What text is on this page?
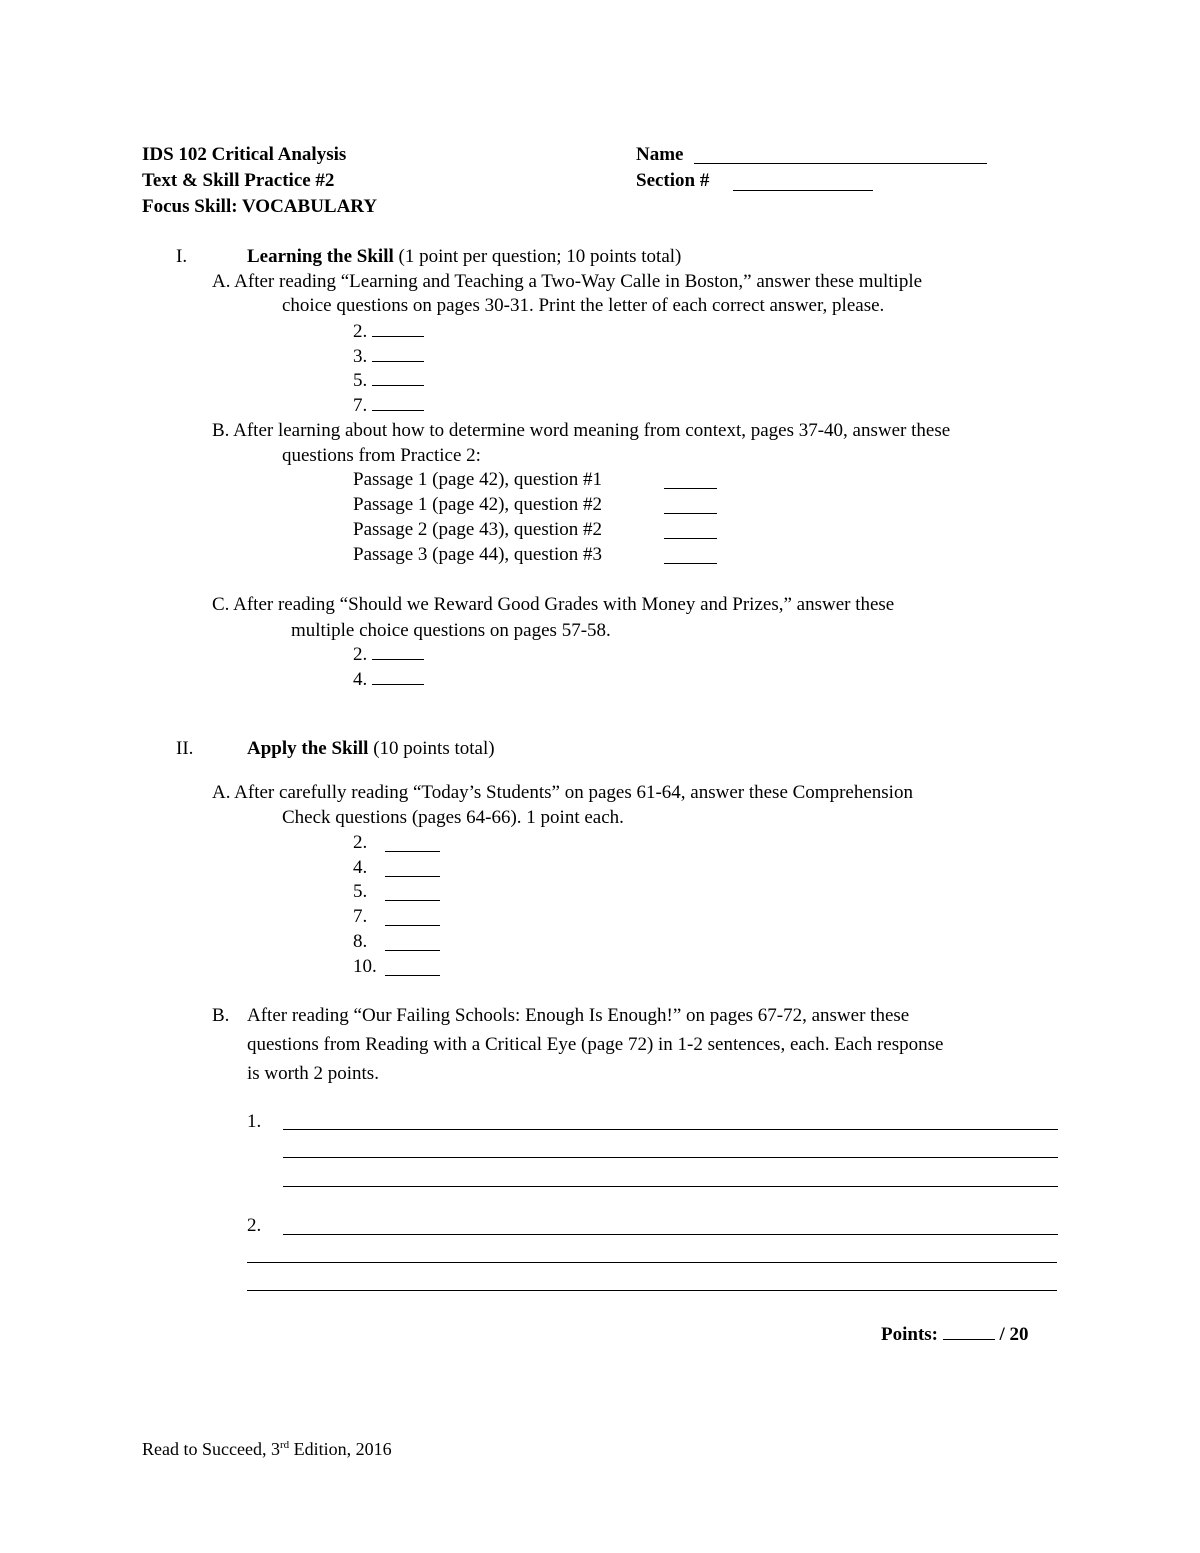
IDS 102 Critical Analysis
Text & Skill Practice #2
Focus Skill: VOCABULARY
Name
Section #
I.	Learning the Skill (1 point per question; 10 points total)
A. After reading “Learning and Teaching a Two-Way Calle in Boston,” answer these multiple
choice questions on pages 30-31. Print the letter of each correct answer, please.
2.
3.
5.
7.
B. After learning about how to determine word meaning from context, pages 37-40, answer these
questions from Practice 2:
Passage 1 (page 42), question #1
Passage 1 (page 42), question #2
Passage 2 (page 43), question #2
Passage 3 (page 44), question #3
C. After reading “Should we Reward Good Grades with Money and Prizes,” answer these
multiple choice questions on pages 57-58.
2.
4.
II.	Apply the Skill (10 points total)
A. After carefully reading “Today’s Students” on pages 61-64, answer these Comprehension
Check questions (pages 64-66). 1 point each.
2.
4.
5.
7.
8.
10.
B. After reading “Our Failing Schools: Enough Is Enough!” on pages 67-72, answer these
questions from Reading with a Critical Eye (page 72) in 1-2 sentences, each. Each response
is worth 2 points.
1.
2.
Points:	/ 20
Read to Succeed, 3rd Edition, 2016
